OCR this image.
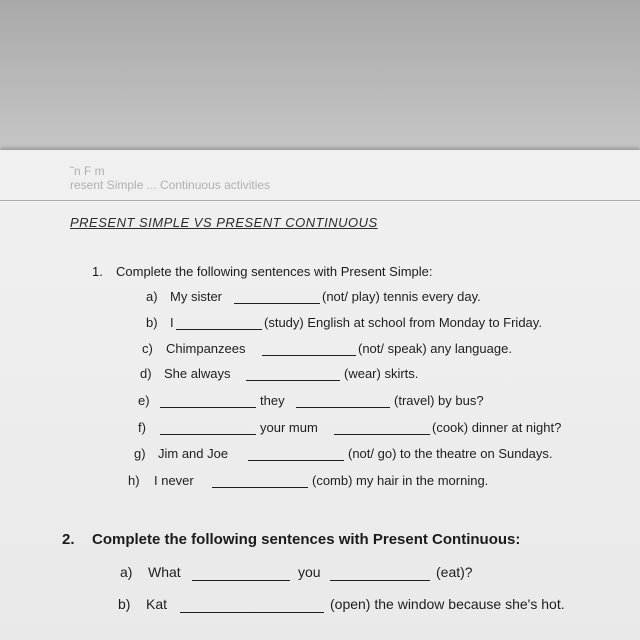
˜n F m
resent Simple ... Continuous activities
PRESENT SIMPLE VS PRESENT CONTINUOUS
1. Complete the following sentences with Present Simple:
a) My sister	(not/ play) tennis every day.
b) I	(study) English at school from Monday to Friday.
c) Chimpanzees	(not/ speak) any language.
d) She always	(wear) skirts.
e)	they	(travel) by bus?
f)	your mum	(cook) dinner at night?
g) Jim and Joe	(not/ go) to the theatre on Sundays.
h) I never	(comb) my hair in the morning.
2. Complete the following sentences with Present Continuous:
a) What	you	(eat)?
b) Kat	(open) the window because she's hot.
